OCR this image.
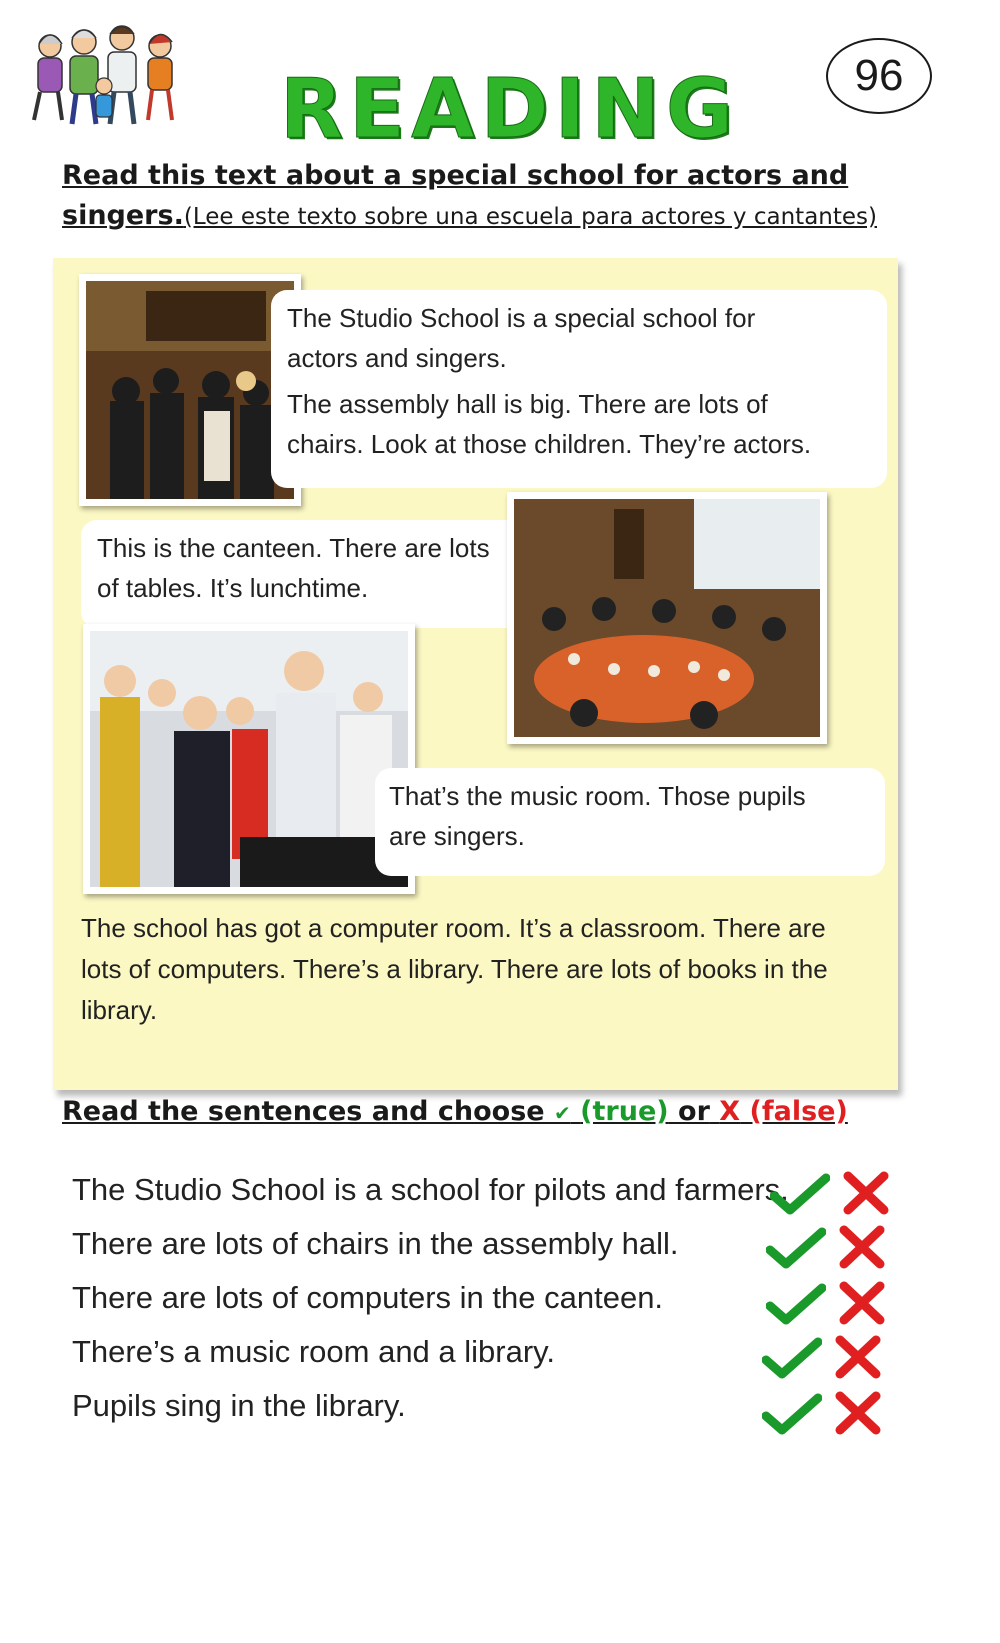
READING	96
Read this text about a special school for actors and
singers.(Lee este texto sobre una escuela para actores y cantantes)
The Studio School is a special school for actors and singers.
The assembly hall is big. There are lots of chairs. Look at those children. They’re actors.
This is the canteen. There are lots of tables. It’s lunchtime.
That’s the music room. Those pupils are singers.
The school has got a computer room. It’s a classroom. There are lots of computers. There’s a library. There are lots of books in the library.
Read the sentences and choose ✔ (true) or X (false)
The Studio School is a school for pilots and farmers.
There are lots of chairs in the assembly hall.
There are lots of computers in the canteen.
There’s a music room and a library.
Pupils sing in the library.
